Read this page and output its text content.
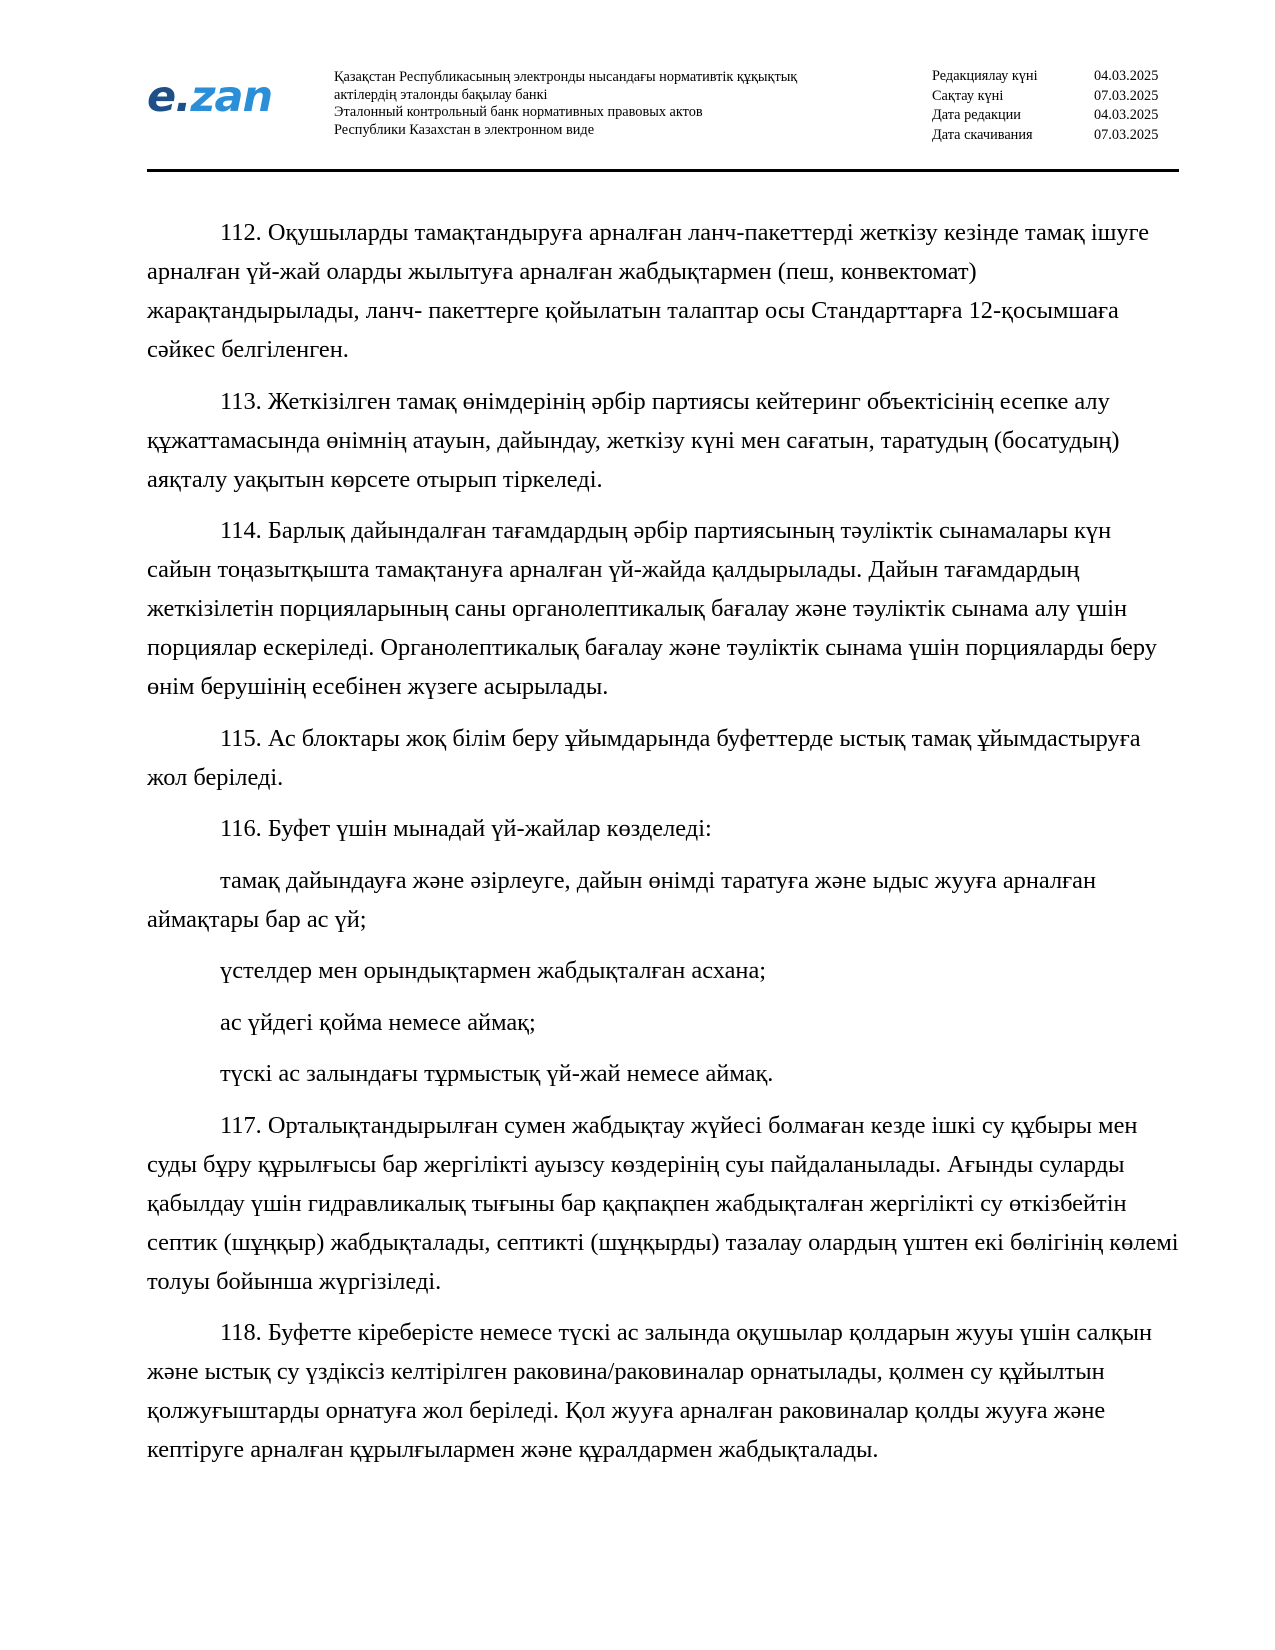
e.zan	Қазақстан Республикасының электронды нысандағы нормативтік құқықтық
актілердің эталонды бақылау банкі
Эталонный контрольный банк нормативных правовых актов
Республики Казахстан в электронном виде
Редакциялау күні	04.03.2025
Сақтау күні	07.03.2025
Дата редакции	04.03.2025
Дата скачивания	07.03.2025

112. Оқушыларды тамақтандыруға арналған ланч-пакеттерді жеткізу кезінде тамақ ішуге арналған үй-жай оларды жылытуға арналған жабдықтармен (пеш, конвектомат) жарақтандырылады, ланч- пакеттерге қойылатын талаптар осы Стандарттарға 12-қосымшаға сәйкес белгіленген.

113. Жеткізілген тамақ өнімдерінің әрбір партиясы кейтеринг объектісінің есепке алу құжаттамасында өнімнің атауын, дайындау, жеткізу күні мен сағатын, таратудың (босатудың) аяқталу уақытын көрсете отырып тіркеледі.

114. Барлық дайындалған тағамдардың әрбір партиясының тәуліктік сынамалары күн сайын тоңазытқышта тамақтануға арналған үй-жайда қалдырылады. Дайын тағамдардың жеткізілетін порцияларының саны органолептикалық бағалау және тәуліктік сынама алу үшін порциялар ескеріледі. Органолептикалық бағалау және тәуліктік сынама үшін порцияларды беру өнім берушінің есебінен жүзеге асырылады.

115. Ас блоктары жоқ білім беру ұйымдарында буфеттерде ыстық тамақ ұйымдастыруға жол беріледі.

116. Буфет үшін мынадай үй-жайлар көзделеді:

тамақ дайындауға және әзірлеуге, дайын өнімді таратуға және ыдыс жууға арналған аймақтары бар ас үй;

үстелдер мен орындықтармен жабдықталған асхана;

ас үйдегі қойма немесе аймақ;

түскі ас залындағы тұрмыстық үй-жай немесе аймақ.

117. Орталықтандырылған сумен жабдықтау жүйесі болмаған кезде ішкі су құбыры мен суды бұру құрылғысы бар жергілікті ауызсу көздерінің суы пайдаланылады. Ағынды суларды қабылдау үшін гидравликалық тығыны бар қақпақпен жабдықталған жергілікті су өткізбейтін септик (шұңқыр) жабдықталады, септикті (шұңқырды) тазалау олардың үштен екі бөлігінің көлемі толуы бойынша жүргізіледі.

118. Буфетте кіреберісте немесе түскі ас залында оқушылар қолдарын жууы үшін салқын және ыстық су үздіксіз келтірілген раковина/раковиналар орнатылады, қолмен су құйылтын қолжуғыштарды орнатуға жол беріледі. Қол жууға арналған раковиналар қолды жууға және кептіруге арналған құрылғылармен және құралдармен жабдықталады.
